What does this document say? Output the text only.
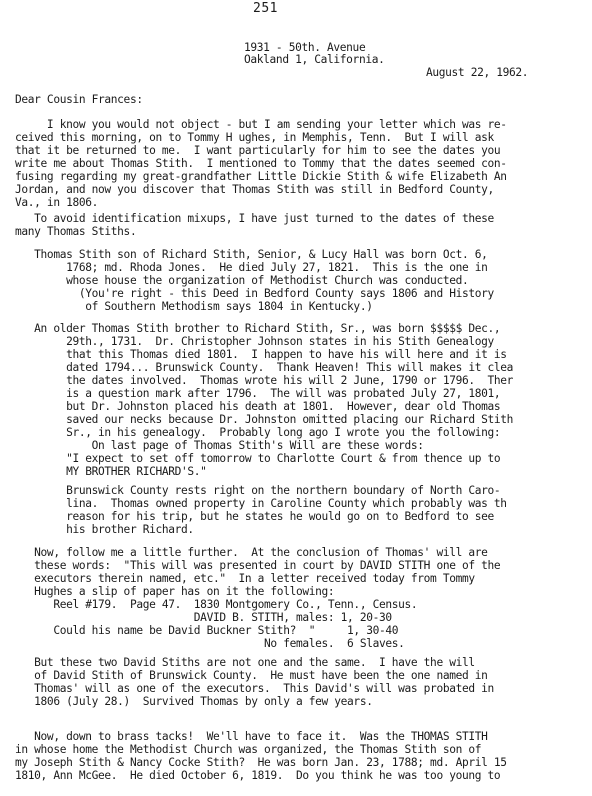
251
1931 - 50th. Avenue
Oakland 1, California.
August 22, 1962.
Dear Cousin Frances:
I know you would not object - but I am sending your letter which was re-
ceived this morning, on to Tommy H ughes, in Memphis, Tenn.  But I will ask
that it be returned to me.  I want particularly for him to see the dates you
write me about Thomas Stith.  I mentioned to Tommy that the dates seemed con-
fusing regarding my great-grandfather Little Dickie Stith & wife Elizabeth An
Jordan, and now you discover that Thomas Stith was still in Bedford County,
Va., in 1806.
To avoid identification mixups, I have just turned to the dates of these
many Thomas Stiths.
Thomas Stith son of Richard Stith, Senior, & Lucy Hall was born Oct. 6,
1768; md. Rhoda Jones.  He died July 27, 1821.  This is the one in
whose house the organization of Methodist Church was conducted.
(You're right - this Deed in Bedford County says 1806 and History
of Southern Methodism says 1804 in Kentucky.)
An older Thomas Stith brother to Richard Stith, Sr., was born $$$$$ Dec.,
29th., 1731.  Dr. Christopher Johnson states in his Stith Genealogy
that this Thomas died 1801.  I happen to have his will here and it is
dated 1794... Brunswick County.  Thank Heaven! This will makes it clea
the dates involved.  Thomas wrote his will 2 June, 1790 or 1796.  Ther
is a question mark after 1796.  The will was probated July 27, 1801,
but Dr. Johnston placed his death at 1801.  However, dear old Thomas
saved our necks because Dr. Johnston omitted placing our Richard Stith
Sr., in his genealogy.  Probably long ago I wrote you the following:
On last page of Thomas Stith's Will are these words:
"I expect to set off tomorrow to Charlotte Court & from thence up to
MY BROTHER RICHARD'S."
Brunswick County rests right on the northern boundary of North Caro-
lina.  Thomas owned property in Caroline County which probably was th
reason for his trip, but he states he would go on to Bedford to see
his brother Richard.
Now, follow me a little further.  At the conclusion of Thomas' will are
these words:  "This will was presented in court by DAVID STITH one of the
executors therein named, etc."  In a letter received today from Tommy
Hughes a slip of paper has on it the following:
Reel #179.  Page 47.  1830 Montgomery Co., Tenn., Census.
DAVID B. STITH, males: 1, 20-30
Could his name be David Buckner Stith?  "     1, 30-40
No females.  6 Slaves.
But these two David Stiths are not one and the same.  I have the will
of David Stith of Brunswick County.  He must have been the one named in
Thomas' will as one of the executors.  This David's will was probated in
1806 (July 28.)  Survived Thomas by only a few years.
Now, down to brass tacks!  We'll have to face it.  Was the THOMAS STITH
in whose home the Methodist Church was organized, the Thomas Stith son of
my Joseph Stith & Nancy Cocke Stith?  He was born Jan. 23, 1788; md. April 15
1810, Ann McGee.  He died October 6, 1819.  Do you think he was too young to
